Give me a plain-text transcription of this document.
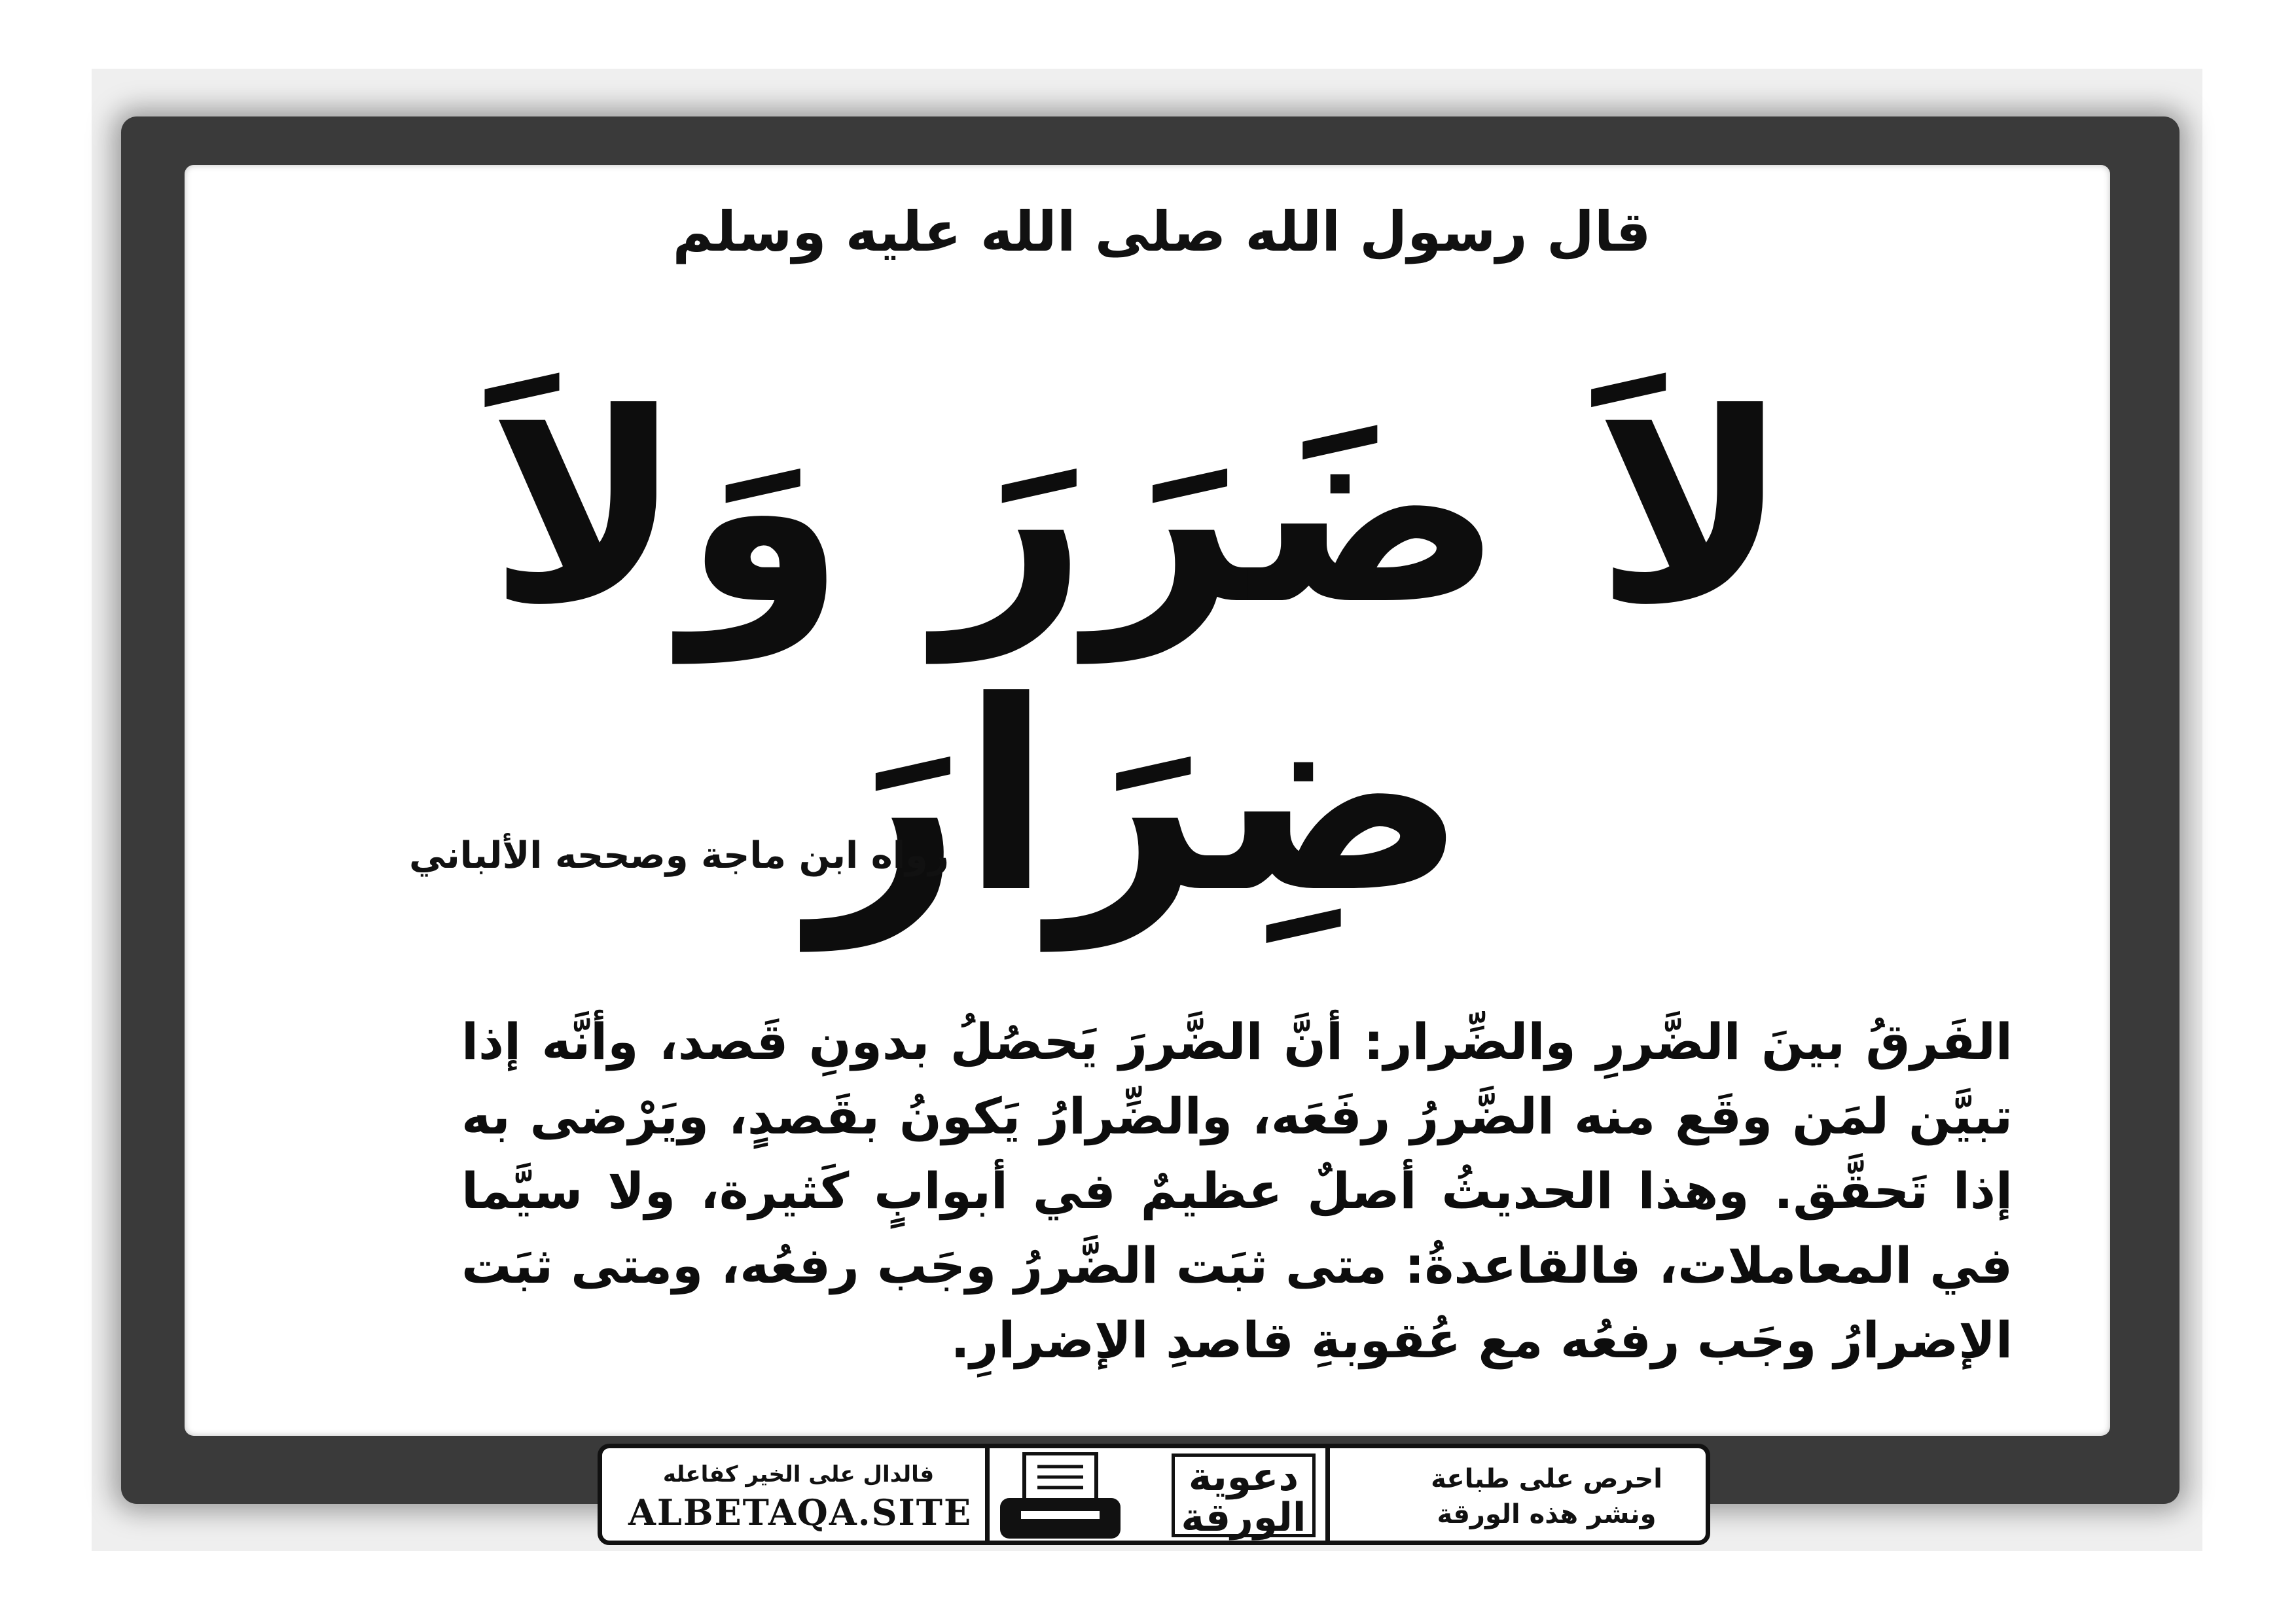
قال رسول الله صلى الله عليه وسلم
لاَ ضَرَرَ وَلاَ ضِرَارَ
رواه ابن ماجة وصححه الألباني
الفَرقُ بينَ الضَّررِ والضِّرار: أنَّ الضَّررَ يَحصُلُ بدونِ قَصد، وأنَّه إذا تبيَّن لمَن وقَع منه الضَّررُ رفَعَه، والضِّرارُ يَكونُ بقَصدٍ، ويَرْضى به إذا تَحقَّق. وهذا الحديثُ أصلٌ عظيمٌ في أبوابٍ كَثيرة، ولا سيَّما في المعاملات، فالقاعدةُ: متى ثبَت الضَّررُ وجَب رفعُه، ومتى ثبَت الإضرارُ وجَب رفعُه مع عُقوبةِ قاصدِ الإضرارِ.
احرص على طباعة
ونشر هذه الورقة
دعوية
الورقة
فالدال على الخير كفاعله
ALBETAQA.SITE
